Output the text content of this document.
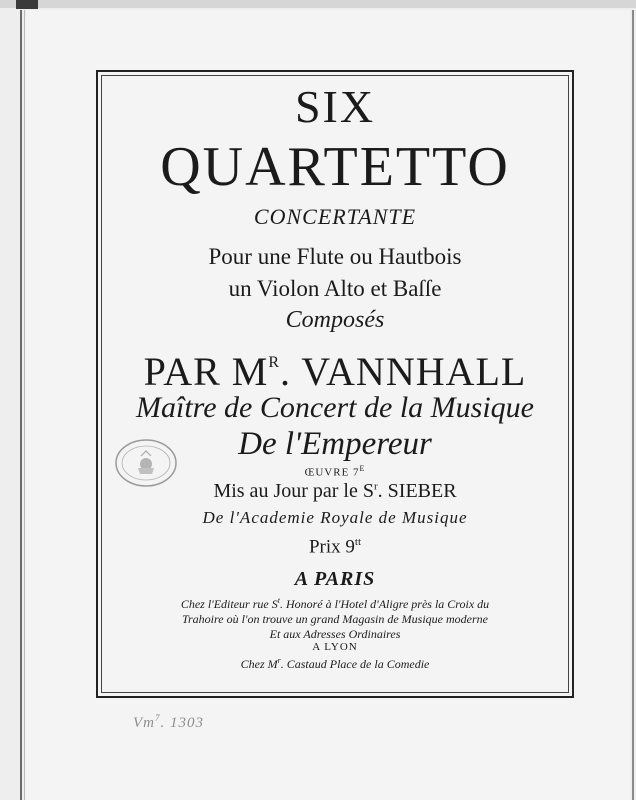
SIX
QUARTETTO
CONCERTANTE
Pour une Flute ou Hautbois
un Violon Alto et Baſſe
Composés
PAR $M^R$. VANNHALL
Maître de Concert de la Musique
De l'Empereur
ŒUVRE $7^E$
Mis au Jour par le $S^r$. SIEBER
De l'Academie Royale de Musique
Prix $9^{tt}$
A PARIS
Chez l'Editeur rue $S^t$. Honoré à l'Hotel d'Aligre près la Croix du
Trahoire où l'on trouve un grand Magasin de Musique moderne
Et aux Adresses Ordinaires
A LYON
Chez $M^r$. Castaud Place de la Comedie
Vm$^7$. 1303
